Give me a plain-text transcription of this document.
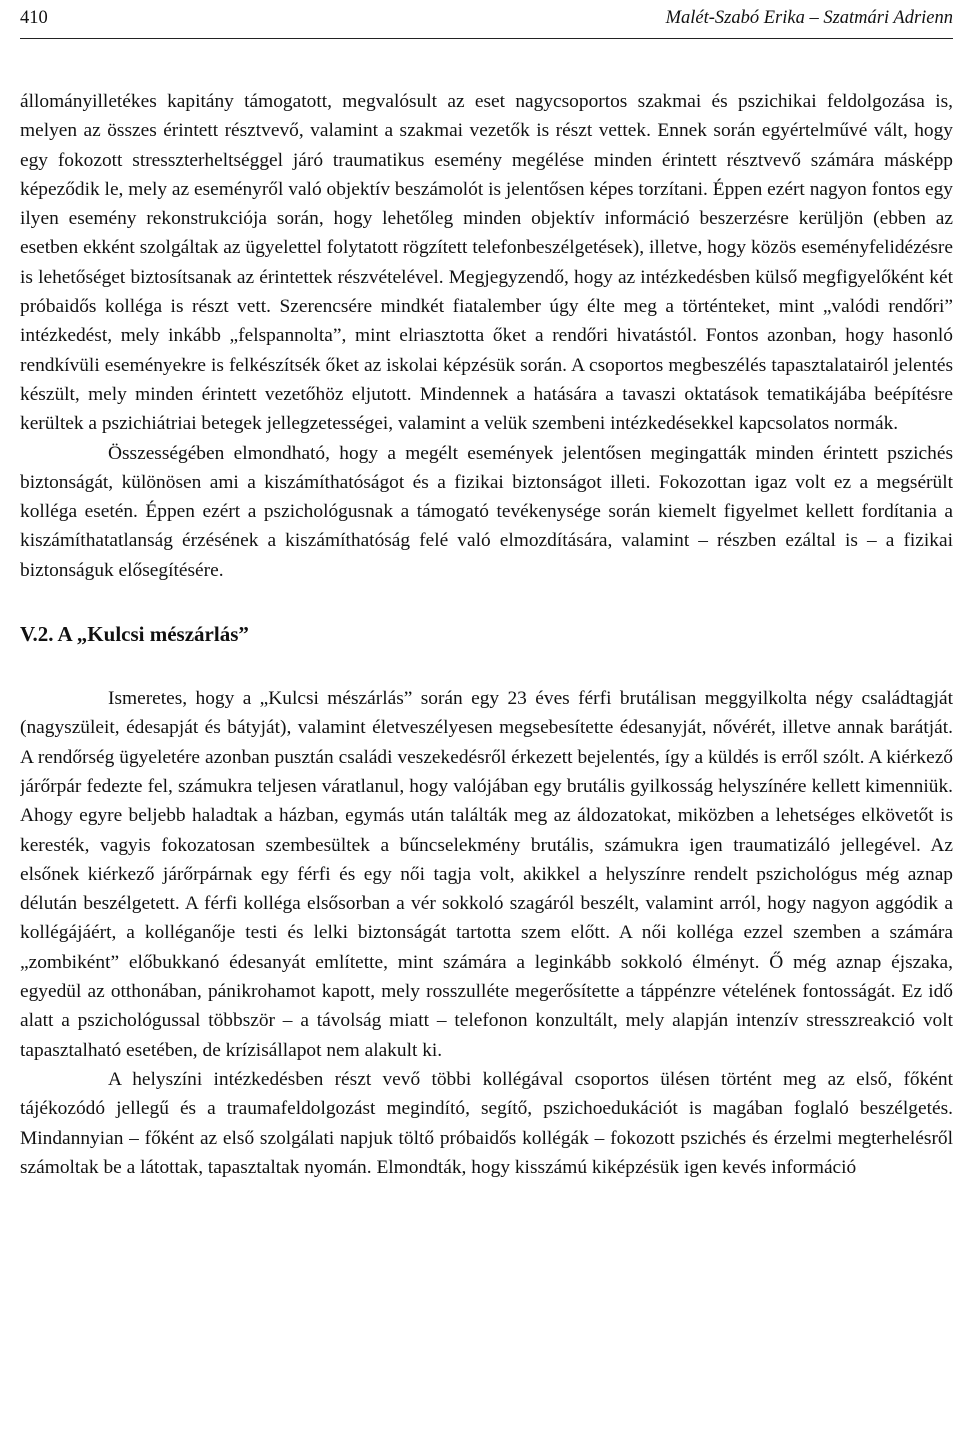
410	Malét-Szabó Erika – Szatmári Adrienn

állományilletékes kapitány támogatott, megvalósult az eset nagycsoportos szakmai és pszichikai feldolgozása is, melyen az összes érintett résztvevő, valamint a szakmai vezetők is részt vettek. Ennek során egyértelművé vált, hogy egy fokozott stresszterheltséggel járó traumatikus esemény megélése minden érintett résztvevő számára másképp képeződik le, mely az eseményről való objektív beszámolót is jelentősen képes torzítani. Éppen ezért nagyon fontos egy ilyen esemény rekonstrukciója során, hogy lehetőleg minden objektív információ beszerzésre kerüljön (ebben az esetben ekként szolgáltak az ügyelettel folytatott rögzített telefonbeszélgetések), illetve, hogy közös eseményfelidézésre is lehetőséget biztosítsanak az érintettek részvételével. Megjegyzendő, hogy az intézkedésben külső megfigyelőként két próbaidős kolléga is részt vett. Szerencsére mindkét fiatalember úgy élte meg a történteket, mint „valódi rendőri” intézkedést, mely inkább „felspannolta”, mint elriasztotta őket a rendőri hivatástól. Fontos azonban, hogy hasonló rendkívüli eseményekre is felkészítsék őket az iskolai képzésük során. A csoportos megbeszélés tapasztalatairól jelentés készült, mely minden érintett vezetőhöz eljutott. Mindennek a hatására a tavaszi oktatások tematikájába beépítésre kerültek a pszichiátriai betegek jellegzetességei, valamint a velük szembeni intézkedésekkel kapcsolatos normák.

Összességében elmondható, hogy a megélt események jelentősen megingatták minden érintett pszichés biztonságát, különösen ami a kiszámíthatóságot és a fizikai biztonságot illeti. Fokozottan igaz volt ez a megsérült kolléga esetén. Éppen ezért a pszichológusnak a támogató tevékenysége során kiemelt figyelmet kellett fordítania a kiszámíthatatlanság érzésének a kiszámíthatóság felé való elmozdítására, valamint – részben ezáltal is – a fizikai biztonságuk elősegítésére.

V.2. A „Kulcsi mészárlás”

Ismeretes, hogy a „Kulcsi mészárlás” során egy 23 éves férfi brutálisan meggyilkolta négy családtagját (nagyszüleit, édesapját és bátyját), valamint életveszélyesen megsebesítette édesanyját, nővérét, illetve annak barátját. A rendőrség ügyeletére azonban pusztán családi veszekedésről érkezett bejelentés, így a küldés is erről szólt. A kiérkező járőrpár fedezte fel, számukra teljesen váratlanul, hogy valójában egy brutális gyilkosság helyszínére kellett kimenniük. Ahogy egyre beljebb haladtak a házban, egymás után találták meg az áldozatokat, miközben a lehetséges elkövetőt is keresték, vagyis fokozatosan szembesültek a bűncselekmény brutális, számukra igen traumatizáló jellegével. Az elsőnek kiérkező járőrpárnak egy férfi és egy női tagja volt, akikkel a helyszínre rendelt pszichológus még aznap délután beszélgetett. A férfi kolléga elsősorban a vér sokkoló szagáról beszélt, valamint arról, hogy nagyon aggódik a kollégájáért, a kolléganője testi és lelki biztonságát tartotta szem előtt. A női kolléga ezzel szemben a számára „zombiként” előbukkanó édesanyát említette, mint számára a leginkább sokkoló élményt. Ő még aznap éjszaka, egyedül az otthonában, pánikrohamot kapott, mely rosszulléte megerősítette a táppénzre vételének fontosságát. Ez idő alatt a pszichológussal többször – a távolság miatt – telefonon konzultált, mely alapján intenzív stresszreakció volt tapasztalható esetében, de krízisállapot nem alakult ki.

A helyszíni intézkedésben részt vevő többi kollégával csoportos ülésen történt meg az első, főként tájékozódó jellegű és a traumafeldolgozást megindító, segítő, pszichoedukációt is magában foglaló beszélgetés. Mindannyian – főként az első szolgálati napjuk töltő próbaidős kollégák – fokozott pszichés és érzelmi megterhelésről számoltak be a látottak, tapasztaltak nyomán. Elmondták, hogy kisszámú kiképzésük igen kevés információ
